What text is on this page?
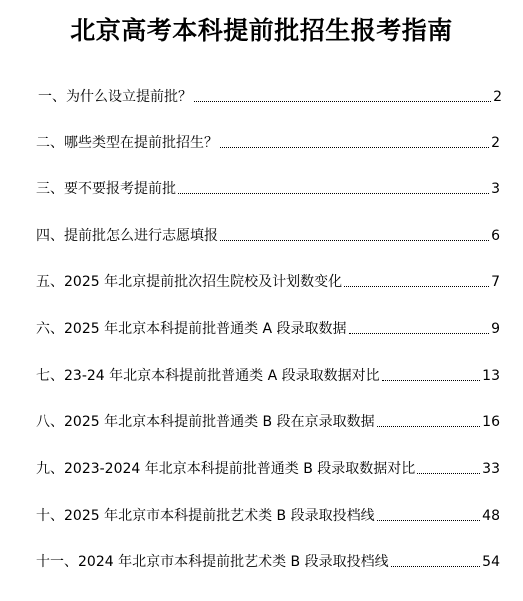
北京高考本科提前批招生报考指南
一、为什么设立提前批？	2
二、哪些类型在提前批招生？	2
三、要不要报考提前批	3
四、提前批怎么进行志愿填报	6
五、2025 年北京提前批次招生院校及计划数变化	7
六、2025 年北京本科提前批普通类 A 段录取数据	9
七、23-24 年北京本科提前批普通类 A 段录取数据对比	13
八、2025 年北京本科提前批普通类 B 段在京录取数据	16
九、2023-2024 年北京本科提前批普通类 B 段录取数据对比	33
十、2025 年北京市本科提前批艺术类 B 段录取投档线	48
十一、2024 年北京市本科提前批艺术类 B 段录取投档线	54
